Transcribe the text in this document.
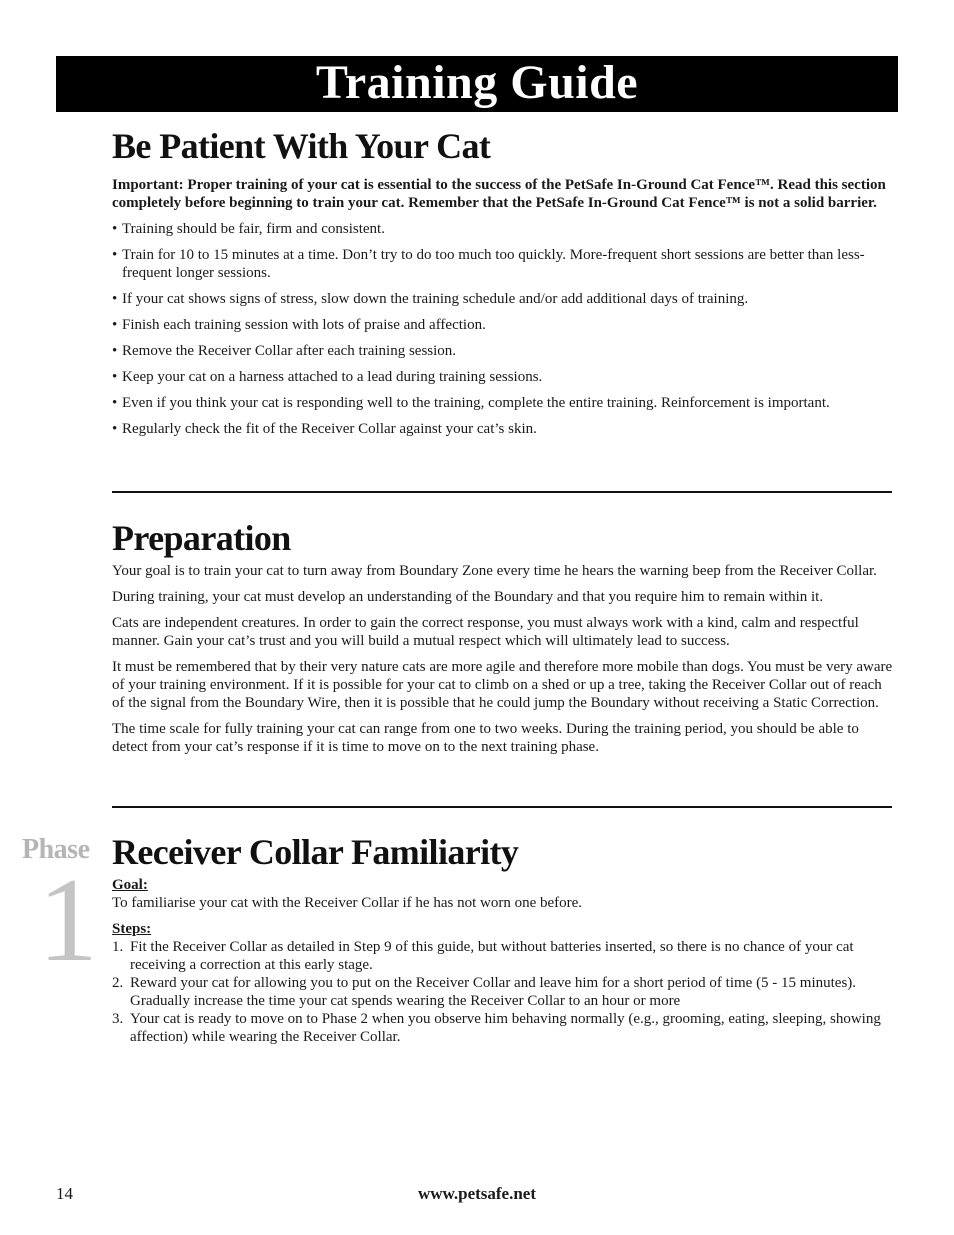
Training Guide
Be Patient With Your Cat

Important: Proper training of your cat is essential to the success of the PetSafe In-Ground Cat Fence™. Read this section completely before beginning to train your cat. Remember that the PetSafe In-Ground Cat Fence™ is not a solid barrier.

• Training should be fair, firm and consistent.
• Train for 10 to 15 minutes at a time. Don’t try to do too much too quickly. More-frequent short sessions are better than less-frequent longer sessions.
• If your cat shows signs of stress, slow down the training schedule and/or add additional days of training.
• Finish each training session with lots of praise and affection.
• Remove the Receiver Collar after each training session.
• Keep your cat on a harness attached to a lead during training sessions.
• Even if you think your cat is responding well to the training, complete the entire training. Reinforcement is important.
• Regularly check the fit of the Receiver Collar against your cat’s skin.
Preparation

Your goal is to train your cat to turn away from Boundary Zone every time he hears the warning beep from the Receiver Collar.

During training, your cat must develop an understanding of the Boundary and that you require him to remain within it.

Cats are independent creatures. In order to gain the correct response, you must always work with a kind, calm and respectful manner. Gain your cat’s trust and you will build a mutual respect which will ultimately lead to success.

It must be remembered that by their very nature cats are more agile and therefore more mobile than dogs. You must be very aware of your training environment. If it is possible for your cat to climb on a shed or up a tree, taking the Receiver Collar out of reach of the signal from the Boundary Wire, then it is possible that he could jump the Boundary without receiving a Static Correction.

The time scale for fully training your cat can range from one to two weeks. During the training period, you should be able to detect from your cat’s response if it is time to move on to the next training phase.

Phase
1
Receiver Collar Familiarity
Goal:

To familiarise your cat with the Receiver Collar if he has not worn one before.

Steps:
1. Fit the Receiver Collar as detailed in Step 9 of this guide, but without batteries inserted, so there is no chance of your cat receiving a correction at this early stage.
2. Reward your cat for allowing you to put on the Receiver Collar and leave him for a short period of time (5 - 15 minutes). Gradually increase the time your cat spends wearing the Receiver Collar to an hour or more
3. Your cat is ready to move on to Phase 2 when you observe him behaving normally (e.g., grooming, eating, sleeping, showing affection) while wearing the Receiver Collar.
14	www.petsafe.net
